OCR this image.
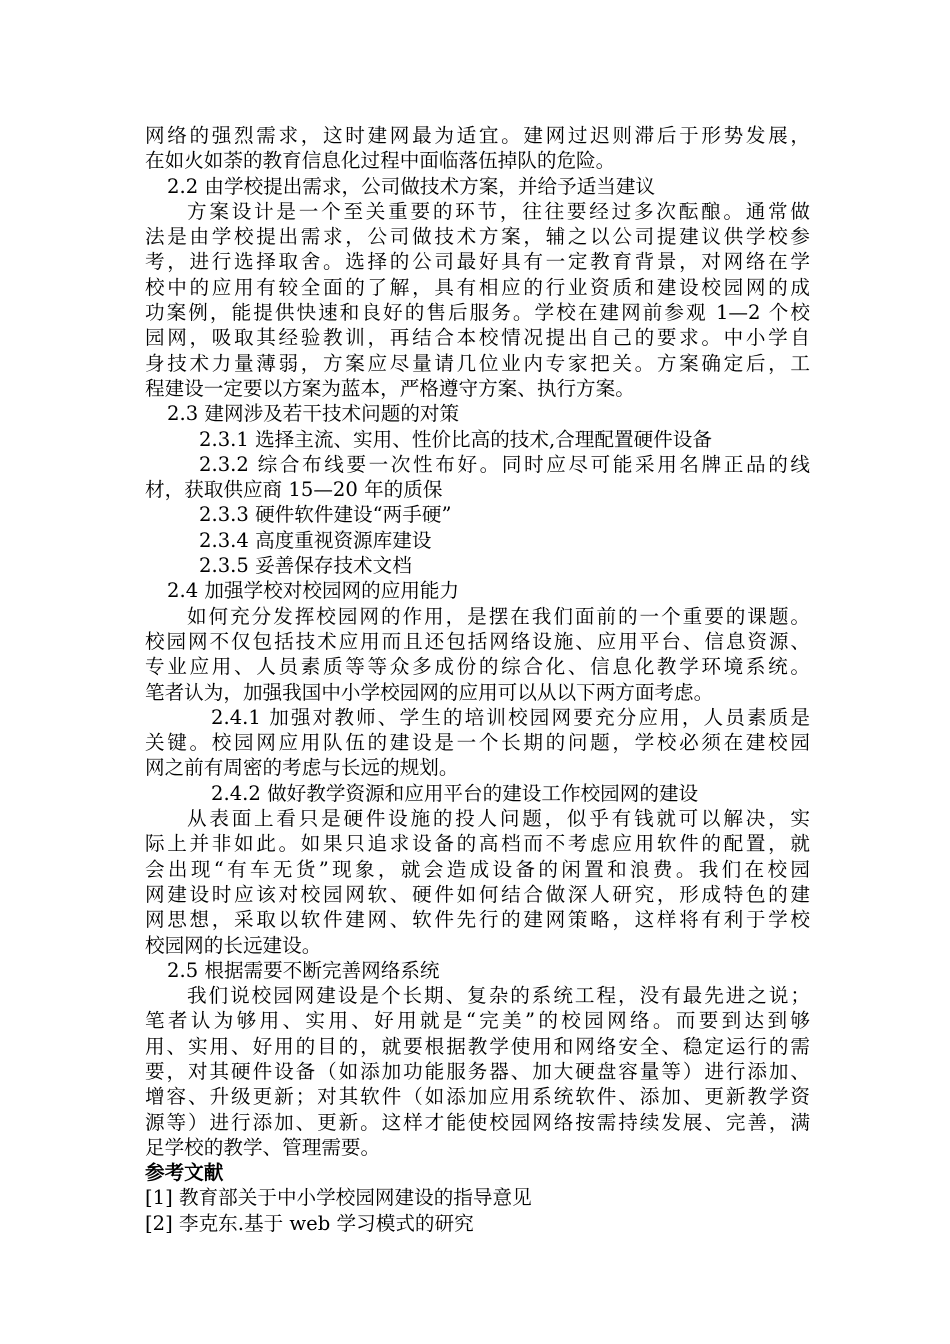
网络的强烈需求，这时建网最为适宜。建网过迟则滞后于形势发展，
在如火如荼的教育信息化过程中面临落伍掉队的危险。
2.2 由学校提出需求，公司做技术方案，并给予适当建议
方案设计是一个至关重要的环节，往往要经过多次酝酿。通常做
法是由学校提出需求，公司做技术方案，辅之以公司提建议供学校参
考，进行选择取舍。选择的公司最好具有一定教育背景，对网络在学
校中的应用有较全面的了解，具有相应的行业资质和建设校园网的成
功案例，能提供快速和良好的售后服务。学校在建网前参观 1—2 个校
园网，吸取其经验教训，再结合本校情况提出自己的要求。中小学自
身技术力量薄弱，方案应尽量请几位业内专家把关。方案确定后，工
程建设一定要以方案为蓝本，严格遵守方案、执行方案。
2.3 建网涉及若干技术问题的对策
2.3.1 选择主流、实用、性价比高的技术,合理配置硬件设备
2.3.2 综合布线要一次性布好。同时应尽可能采用名牌正品的线
材，获取供应商 15—20 年的质保
2.3.3 硬件软件建设“两手硬”
2.3.4 高度重视资源库建设
2.3.5 妥善保存技术文档
2.4 加强学校对校园网的应用能力
如何充分发挥校园网的作用，是摆在我们面前的一个重要的课题。
校园网不仅包括技术应用而且还包括网络设施、应用平台、信息资源、
专业应用、人员素质等等众多成份的综合化、信息化教学环境系统。
笔者认为，加强我国中小学校园网的应用可以从以下两方面考虑。
2.4.1 加强对教师、学生的培训校园网要充分应用，人员素质是
关键。校园网应用队伍的建设是一个长期的问题，学校必须在建校园
网之前有周密的考虑与长远的规划。
2.4.2 做好教学资源和应用平台的建设工作校园网的建设
从表面上看只是硬件设施的投人问题，似乎有钱就可以解决，实
际上并非如此。如果只追求设备的高档而不考虑应用软件的配置，就
会出现“有车无货”现象，就会造成设备的闲置和浪费。我们在校园
网建设时应该对校园网软、硬件如何结合做深人研究，形成特色的建
网思想，采取以软件建网、软件先行的建网策略，这样将有利于学校
校园网的长远建设。
2.5 根据需要不断完善网络系统
我们说校园网建设是个长期、复杂的系统工程，没有最先进之说；
笔者认为够用、实用、好用就是“完美”的校园网络。而要到达到够
用、实用、好用的目的，就要根据教学使用和网络安全、稳定运行的需
要，对其硬件设备（如添加功能服务器、加大硬盘容量等）进行添加、
增容、升级更新；对其软件（如添加应用系统软件、添加、更新教学资
源等）进行添加、更新。这样才能使校园网络按需持续发展、完善，满
足学校的教学、管理需要。
参考文献
[1] 教育部关于中小学校园网建设的指导意见
[2] 李克东.基于 web 学习模式的研究
